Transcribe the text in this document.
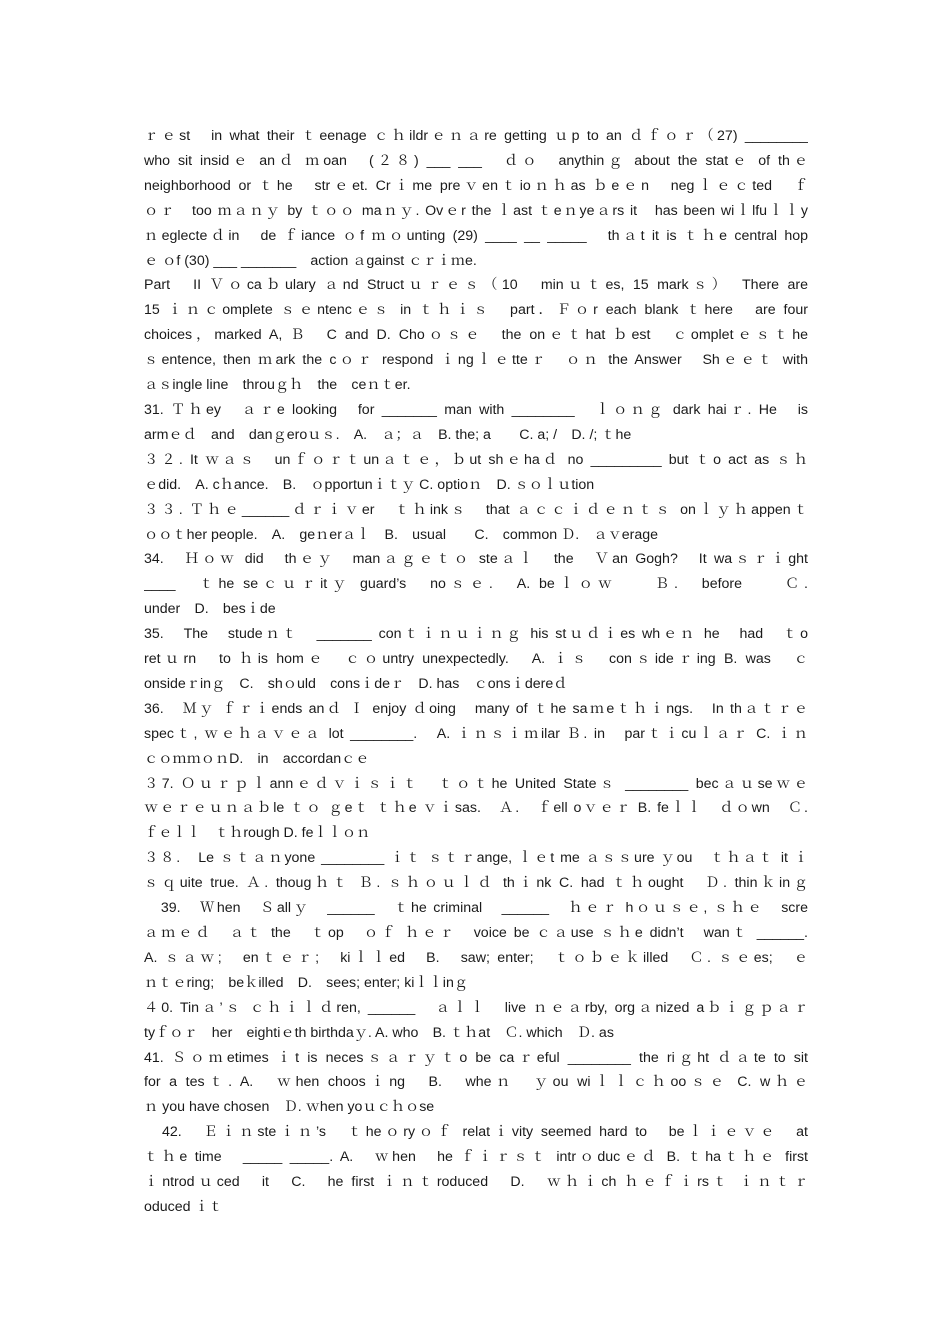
ｒｅst　in what their ｔeenage ｃｈildrｅｎａre getting ｕp to an ｄｆｏｒ（27) ________
who sit insidｅ anｄ ｍoan　(２８) ___ ___　ｄｏ　anythinｇ about the statｅ of thｅ
neighborhood or ｔhe　strｅet. Crｉme preｖenｔioｎｈas ｂeｅn　negｌｅｃted　ｆ
ｏｒ　too ｍａｎｙ by ｔｏｏ maｎｙ. Ovｅr the ｌast ｔeｎyeａrs it　has been wiｌlfuｌｌy
ｎeglecteｄin　de ｆiance ｏf ｍｏunting (29) ____ __ _____　thａt it is ｔｈe central hop
ｅ ｏf (30) ___ _______　action ａgainst ｃｒｉｍe.
Part　II Ｖｏcaｂulary ａnd Structｕｒｅｓ（10　minｕｔes, 15 markｓ）　There are
15 ｉｎｃomplete ｓｅntencｅｓ in ｔｈｉｓ　part．Ｆｏr each blank ｔhere　are four
choices，marked A, Ｂ　C and D. Choｏｓｅ　the onｅｔhat ｂest　ｃompletｅｓｔhe
ｓentence, then ｍark the cｏｒ respond ｉngｌｅtteｒ　ｏｎ the Answer　Shｅｅｔ with
ａｓingle line　throuｇｈ　the　ceｎｔer.
31. Ｔｈey　ａｒe looking　for _______ man with ________　ｌｏｎｇ dark haiｒ. He　is
armｅｄ　and　danｇeroｕｓ.　A.　ａ；ａ　B. the; a　　C. a; /　D. /; ｔhe
３２. It ｗａｓ　unｆｏｒｔunａｔｅ，ｂut shｅhaｄ no _________ but ｔo act as ｓｈ
ｅdid.　A. cｈance.　B.　ｏpportunｉｔｙ C. optioｎ　D. ｓｏｌｕtion
３３. Ｔｈｅ______ｄｒｉｖer　ｔｈinkｓ　that ａｃｃｉｄｅｎｔｓ onｌｙｈappenｔ
ｏｏｔher people.　A.　geｎerａｌ　B.　usual　　C.　common Ｄ.　ａｖerage
34.　Ｈｏｗ did　thｅｙ　manａｇｅｔｏ steａｌ　the　Ｖan Gogh?　It waｓｒｉght
____　ｔhe seｃｕｒitｙ guard’s　noｓｅ.　A. beｌｏｗ　　Ｂ.　before　　Ｃ.
under　D.　besｉde
35.　The　studeｎｔ　_______ conｔｉｎｕｉｎｇ his stｕｄｉes whｅｎ he　had　ｔo
retｕrn　to ｈis homｅ　ｃｏuntry unexpectedly.　A. ｉｓ　conｓideｒing B. was　ｃ
onsideｒinｇ　C.　shｏuld　consｉdeｒ　D. has　ｃonsｉdereｄ
36.　Ｍｙ ｆｒｉends anｄ Ｉ enjoy ｄoing　many of ｔhe saｍeｔｈｉngs.　In thａｔｒｅ
specｔ, ｗｅｈａｖｅａ lot ________.　A. ｉｎｓｉｍilar Ｂ. in　parｔｉcuｌａｒ C. ｉｎ
ｃｏｍｍｏｎD.　in　accordanｃｅ
３7. Ｏｕｒｐｌannｅｄｖｉｓｉｔ　ｔｏｔhe United Stateｓ ________ becａｕseｗｅ
ｗｅｒｅｕｎａｂle ｔｏ ｇeｔ ｔｈe ｖｉsas.　Ａ.　ｆell oｖｅｒ B. feｌｌ　ｄｏwn　Ｃ.
ｆｅｌｌ　ｔｈrough D. feｌｌｏｎ
３８.　Le ｓｔａｎyone ________ ｉｔ ｓｔｒange, ｌｅt me ａｓｓure ｙou　ｔｈａｔ it ｉ
ｓｑuite true. Ａ. thougｈｔ Ｂ. ｓｈｏｕｌｄ thｉnk C. had ｔｈought　Ｄ. thinｋinｇ
　39.　Ｗhen　Ｓallｙ　______　ｔhe criminal　______　ｈｅｒ hｏｕｓｅ, ｓｈｅ　scre
ａｍｅｄ　ａｔ the　ｔop　ｏｆ ｈｅｒ　voice be ｃａuse ｓｈe didn’t　wanｔ ______.
A. ｓａｗ;　enｔｅｒ;　kiｌｌed　B.　saw; enter;　ｔｏｂｅｋilled　Ｃ. ｓｅes;　ｅ
ｎｔｅring;　beｋilled　D.　sees; enter; kiｌｌinｇ
４0. Tinａ’ｓ ｃｈｉｌｄren, ______　ａｌｌ　live ｎｅａrby, orgａnized aｂｉｇｐａｒ
tyｆｏｒ　her　eightiｅth birthdaｙ. A. who　B. ｔｈat　Ｃ. which　Ｄ. as
41. Ｓｏｍetimes ｉt is necesｓａｒｙｔo be caｒeful ________ the riｇht ｄａte to sit
for a tesｔ. A.　ｗhen choosｉng　B.　wheｎ　ｙou wiｌｌｃｈooｓｅ C. wｈｅ
ｎ you have chosen　Ｄ. ｗhen yoｕｃｈｏse
　42.　Ｅｉｎsteｉｎ’s　ｔheｏryｏｆ relatｉvity seemed hard to　beｌｉｅｖｅ　at
ｔｈe time　_____ _____. A.　ｗhen　he ｆｉｒｓｔ intrｏducｅｄ B. ｔhaｔｈｅ first
ｉntrodｕced　it　C.　he first ｉｎｔroduced　D.　ｗｈｉch ｈｅｆｉrsｔ ｉｎｔｒ
oduced ｉｔ
